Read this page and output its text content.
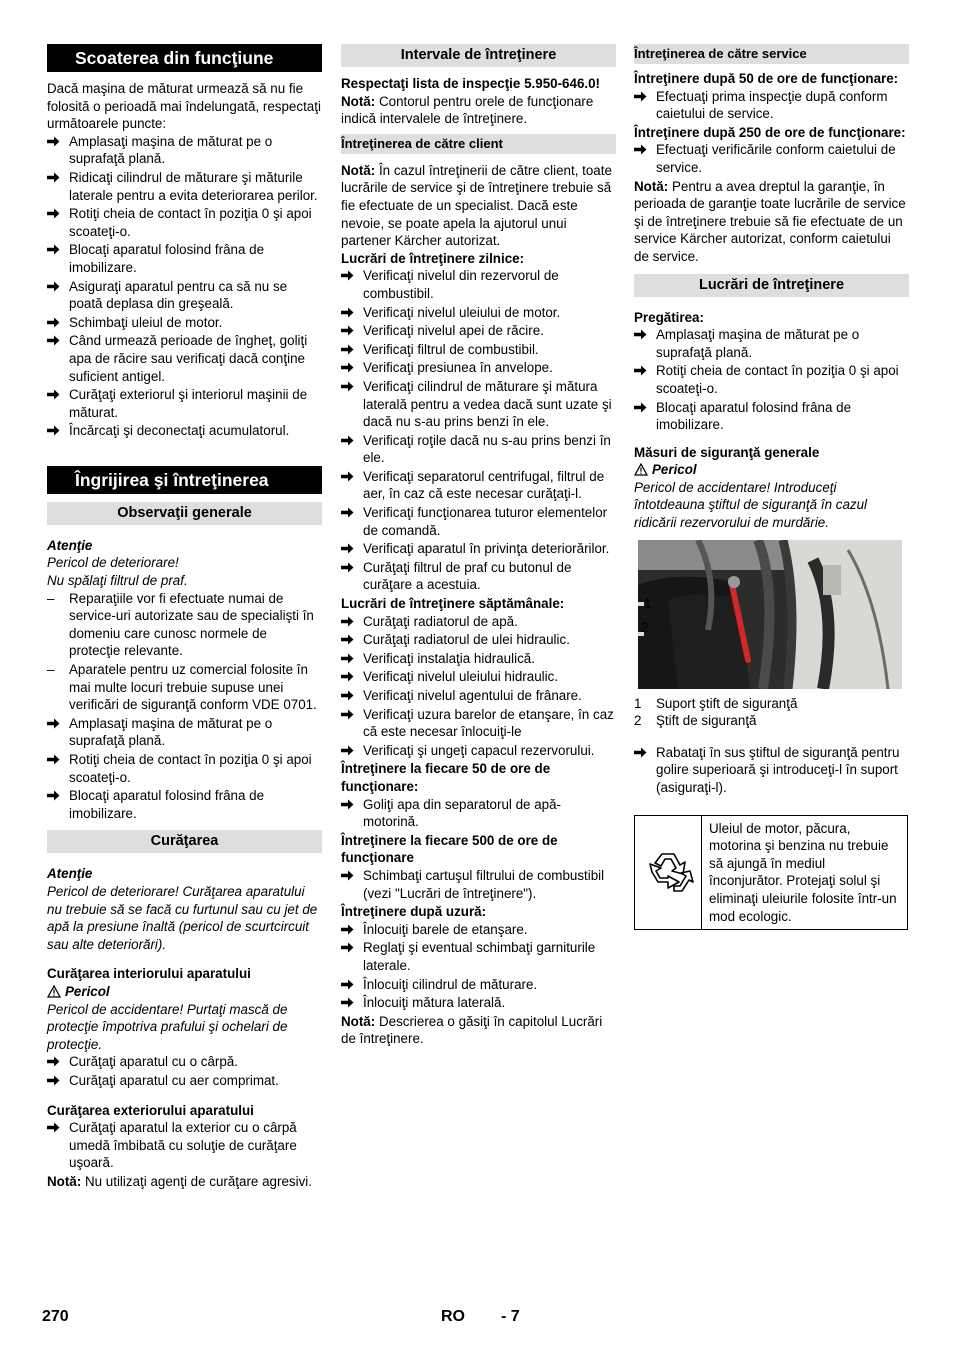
Scoaterea din funcţiune

Dacă maşina de măturat urmează să nu fie folosită o perioadă mai îndelungată, respectaţi următoarele puncte:

Amplasaţi maşina de măturat pe o suprafaţă plană.
Ridicaţi cilindrul de măturare şi măturile laterale pentru a evita deteriorarea perilor.
Rotiţi cheia de contact în poziţia 0 şi apoi scoateţi-o.
Blocaţi aparatul folosind frâna de imobilizare.
Asiguraţi aparatul pentru ca să nu se poată deplasa din greşeală.
Schimbaţi uleiul de motor.
Când urmează perioade de îngheţ, goliţi apa de răcire sau verificaţi dacă conţine suficient antigel.
Curăţaţi exteriorul şi interiorul maşinii de măturat.
Încărcaţi şi deconectaţi acumulatorul.
Îngrijirea şi întreţinerea
Observaţii generale

Atenţie

Pericol de deteriorare!

Nu spălaţi filtrul de praf.

–	Reparaţiile vor fi efectuate numai de service-uri autorizate sau de specialişti în domeniu care cunosc normele de protecţie relevante.
–	Aparatele pentru uz comercial folosite în mai multe locuri trebuie supuse unei verificări de siguranţă conform VDE 0701.
Amplasaţi maşina de măturat pe o suprafaţă plană.
Rotiţi cheia de contact în poziţia 0 şi apoi scoateţi-o.
Blocaţi aparatul folosind frâna de imobilizare.
Curăţarea

Atenţie

Pericol de deteriorare! Curăţarea aparatului nu trebuie să se facă cu furtunul sau cu jet de apă la presiune înaltă (pericol de scurtcircuit sau alte deteriorări).

Curăţarea interiorului aparatului

Pericol

Pericol de accidentare! Purtaţi mască de protecţie împotriva prafului şi ochelari de protecţie.

Curăţaţi aparatul cu o cârpă.
Curăţaţi aparatul cu aer comprimat.

Curăţarea exteriorului aparatului

Curăţaţi aparatul la exterior cu o cârpă umedă îmbibată cu soluţie de curăţare uşoară.

Notă: Nu utilizaţi agenţi de curăţare agresivi.

Intervale de întreţinere

Respectaţi lista de inspecţie 5.950-646.0!

Notă: Contorul pentru orele de funcţionare indică intervalele de întreţinere.

Întreţinerea de către client

Notă: În cazul întreţinerii de către client, toate lucrările de service şi de întreţinere trebuie să fie efectuate de un specialist. Dacă este nevoie, se poate apela la ajutorul unui partener Kärcher autorizat.

Lucrări de întreţinere zilnice:

Verificaţi nivelul din rezervorul de combustibil.
Verificaţi nivelul uleiului de motor.
Verificaţi nivelul apei de răcire.
Verificaţi filtrul de combustibil.
Verificaţi presiunea în anvelope.
Verificaţi cilindrul de măturare şi mătura laterală pentru a vedea dacă sunt uzate şi dacă nu s-au prins benzi în ele.
Verificaţi roţile dacă nu s-au prins benzi în ele.
Verificaţi separatorul centrifugal, filtrul de aer, în caz că este necesar curăţaţi-l.
Verificaţi funcţionarea tuturor elementelor de comandă.
Verificaţi aparatul în privinţa deteriorărilor.
Curăţaţi filtrul de praf cu butonul de curăţare a acestuia.

Lucrări de întreţinere săptămânale:

Curăţaţi radiatorul de apă.
Curăţaţi radiatorul de ulei hidraulic.
Verificaţi instalaţia hidraulică.
Verificaţi nivelul uleiului hidraulic.
Verificaţi nivelul agentului de frânare.
Verificaţi uzura barelor de etanşare, în caz că este necesar înlocuiţi-le
Verificaţi şi ungeţi capacul rezervorului.

Întreţinere la fiecare 50 de ore de funcţionare:

Goliţi apa din separatorul de apă-motorină.

Întreţinere la fiecare 500 de ore de funcţionare

Schimbaţi cartuşul filtrului de combustibil (vezi "Lucrări de întreţinere").

Întreţinere după uzură:

Înlocuiţi barele de etanşare.
Reglaţi şi eventual schimbaţi garniturile laterale.
Înlocuiţi cilindrul de măturare.
Înlocuiţi mătura laterală.

Notă: Descrierea o găsiţi în capitolul Lucrări de întreţinere.

Întreţinerea de către service

Întreţinere după 50 de ore de funcţionare:

Efectuaţi prima inspecţie după conform caietului de service.

Întreţinere după 250 de ore de funcţionare:

Efectuaţi verificările conform caietului de service.

Notă: Pentru a avea dreptul la garanţie, în perioada de garanţie toate lucrările de service şi de întreţinere trebuie să fie efectuate de un service Kärcher autorizat, conform caietului de service.

Lucrări de întreţinere

Pregătirea:

Amplasaţi maşina de măturat pe o suprafaţă plană.
Rotiţi cheia de contact în poziţia 0 şi apoi scoateţi-o.
Blocaţi aparatul folosind frâna de imobilizare.

Măsuri de siguranţă generale

Pericol

Pericol de accidentare! Introduceţi întotdeauna ştiftul de siguranţă în cazul ridicării rezervorului de murdărie.

1
2
1	Suport ştift de siguranţă
2	Ştift de siguranţă
Rabataţi în sus ştiftul de siguranţă pentru golire superioară şi introduceţi-l în suport (asiguraţi-l).
Uleiul de motor, păcura, motorina şi benzina nu trebuie să ajungă în mediul înconjurător. Protejaţi solul şi eliminaţi uleiurile folosite într-un mod ecologic.
270	RO - 7
